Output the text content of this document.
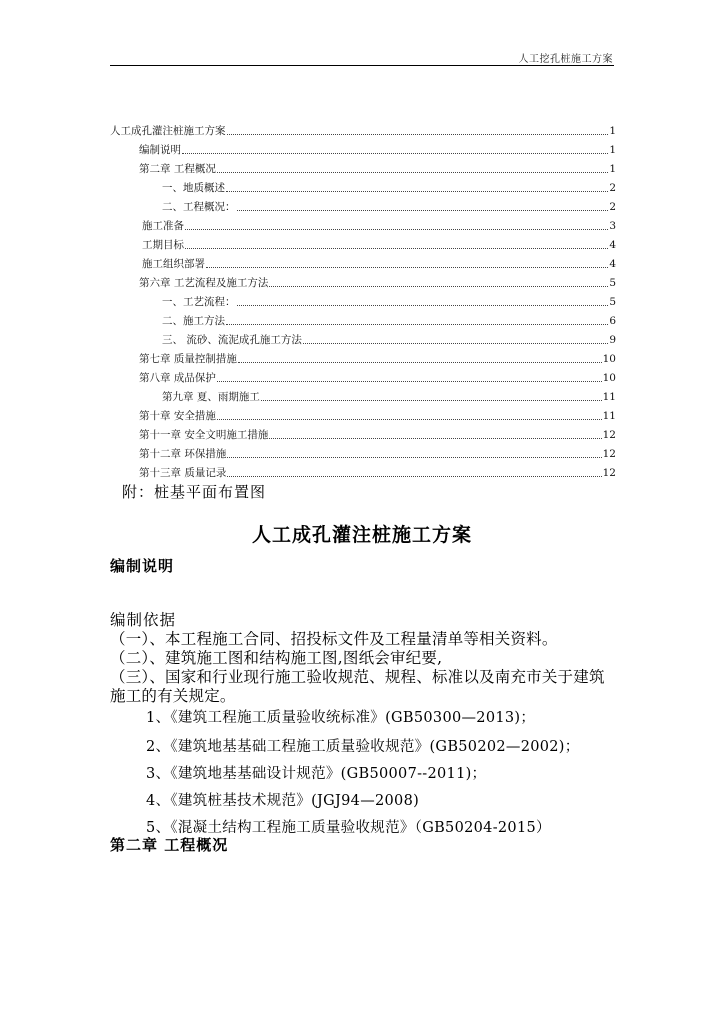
人工挖孔桩施工方案
人工成孔灌注桩施工方案	1
编制说明	1
第二章 工程概况	1
一、地质概述	2
二、工程概况：	2
施工准备	3
工期目标	4
施工组织部署	4
第六章 工艺流程及施工方法	5
一、工艺流程：	5
二、施工方法	6
三、 流砂、流泥成孔施工方法	9
第七章 质量控制措施	10
第八章 成品保护	10
第九章 夏、雨期施工	11
第十章 安全措施	11
第十一章 安全文明施工措施	12
第十二章 环保措施	12
第十三章 质量记录	12
附：桩基平面布置图
人工成孔灌注桩施工方案
编制说明
编制依据
（一）、本工程施工合同、招投标文件及工程量清单等相关资料。
（二）、建筑施工图和结构施工图,图纸会审纪要,
（三）、国家和行业现行施工验收规范、规程、标准以及南充市关于建筑施工的有关规定。
1、《建筑工程施工质量验收统标准》(GB50300—2013)；
2、《建筑地基基础工程施工质量验收规范》(GB50202—2002)；
3、《建筑地基基础设计规范》(GB50007--2011)；
4、《建筑桩基技术规范》(JGJ94—2008)
5、《混凝土结构工程施工质量验收规范》（GB50204-2015）
第二章 工程概况
